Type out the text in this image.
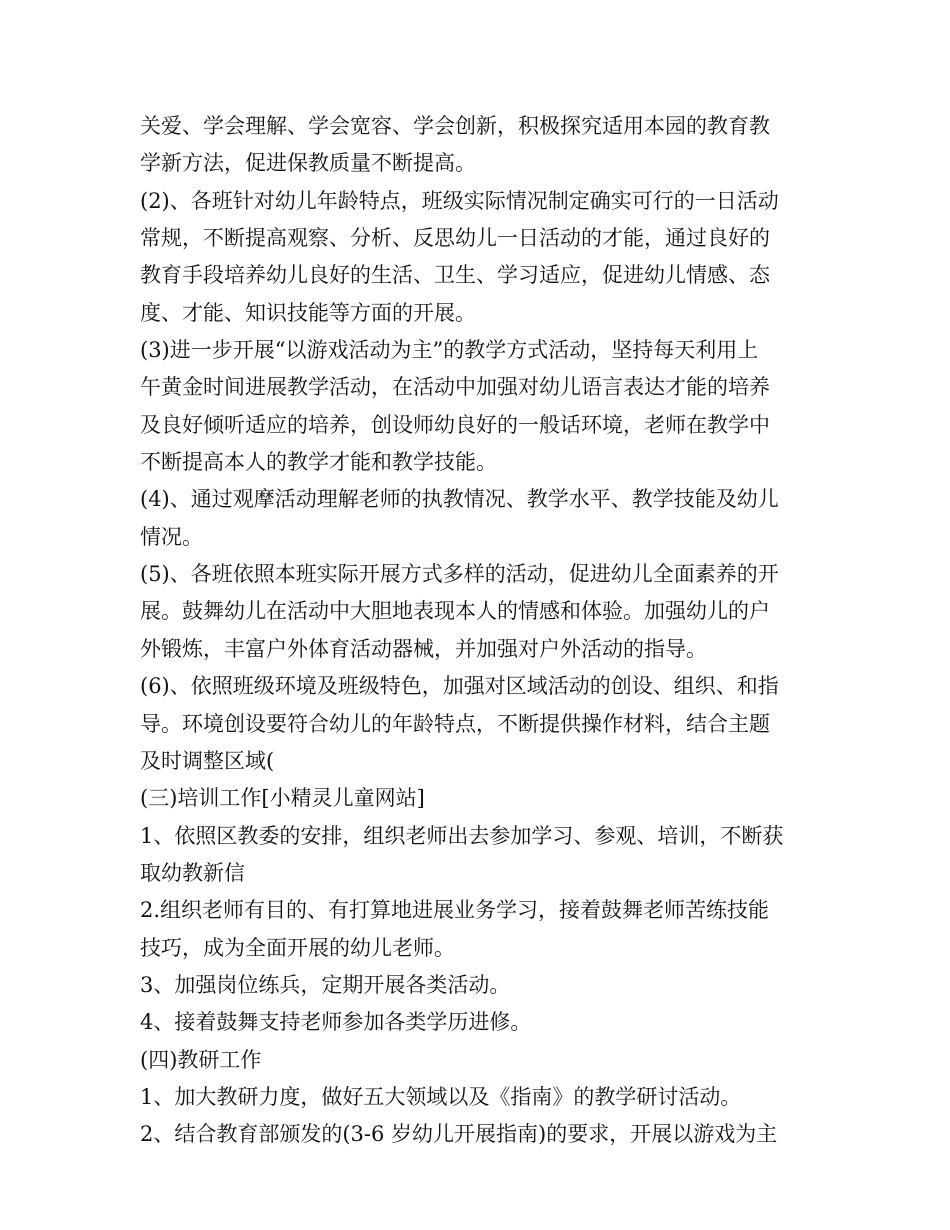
关爱、学会理解、学会宽容、学会创新，积极探究适用本园的教育教
学新方法，促进保教质量不断提高。
(2)、各班针对幼儿年龄特点，班级实际情况制定确实可行的一日活动
常规，不断提高观察、分析、反思幼儿一日活动的才能，通过良好的
教育手段培养幼儿良好的生活、卫生、学习适应，促进幼儿情感、态
度、才能、知识技能等方面的开展。
(3)进一步开展“以游戏活动为主”的教学方式活动，坚持每天利用上
午黄金时间进展教学活动，在活动中加强对幼儿语言表达才能的培养
及良好倾听适应的培养，创设师幼良好的一般话环境，老师在教学中
不断提高本人的教学才能和教学技能。
(4)、通过观摩活动理解老师的执教情况、教学水平、教学技能及幼儿
情况。
(5)、各班依照本班实际开展方式多样的活动，促进幼儿全面素养的开
展。鼓舞幼儿在活动中大胆地表现本人的情感和体验。加强幼儿的户
外锻炼，丰富户外体育活动器械，并加强对户外活动的指导。
(6)、依照班级环境及班级特色，加强对区域活动的创设、组织、和指
导。环境创设要符合幼儿的年龄特点，不断提供操作材料，结合主题
及时调整区域(
(三)培训工作[小精灵儿童网站]
1、依照区教委的安排，组织老师出去参加学习、参观、培训，不断获
取幼教新信
2.组织老师有目的、有打算地进展业务学习，接着鼓舞老师苦练技能
技巧，成为全面开展的幼儿老师。
3、加强岗位练兵，定期开展各类活动。
4、接着鼓舞支持老师参加各类学历进修。
(四)教研工作
1、加大教研力度，做好五大领域以及《指南》的教学研讨活动。
2、结合教育部颁发的(3-6 岁幼儿开展指南)的要求，开展以游戏为主
